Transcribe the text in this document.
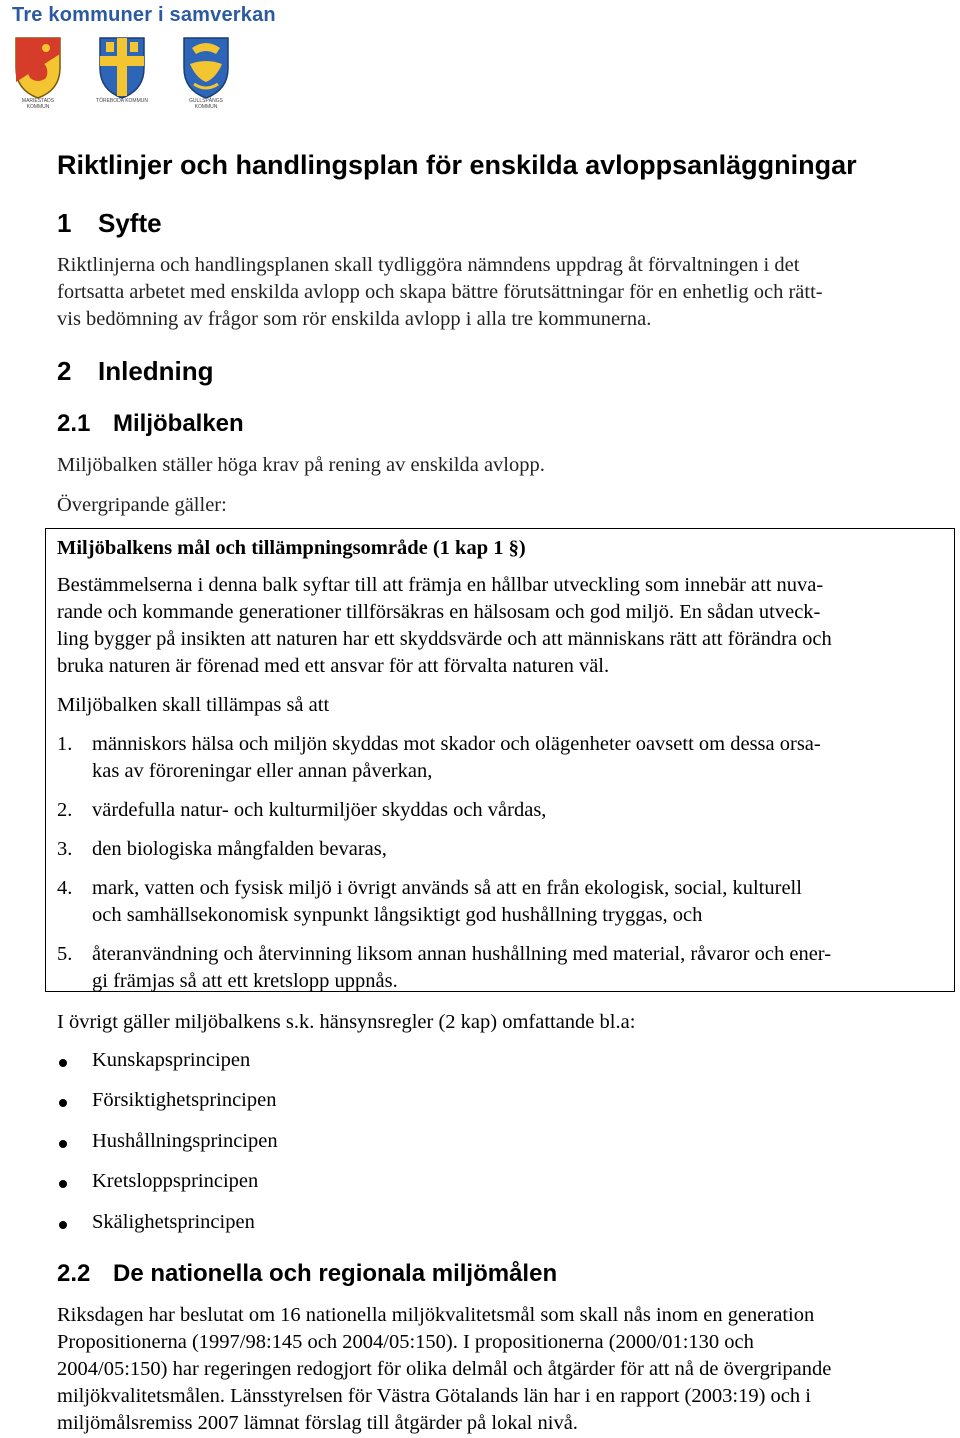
Tre kommuner i samverkan
MARIESTADS KOMMUN
TÖREBODA KOMMUN	GULLSPÅNGS KOMMUN
Riktlinjer och handlingsplan för enskilda avloppsanläggningar
1 Syfte
Riktlinjerna och handlingsplanen skall tydliggöra nämndens uppdrag åt förvaltningen i det
fortsatta arbetet med enskilda avlopp och skapa bättre förutsättningar för en enhetlig och rätt-
vis bedömning av frågor som rör enskilda avlopp i alla tre kommunerna.
2 Inledning
2.1 Miljöbalken
Miljöbalken ställer höga krav på rening av enskilda avlopp.
Övergripande gäller:
Miljöbalkens mål och tillämpningsområde (1 kap 1 §)
Bestämmelserna i denna balk syftar till att främja en hållbar utveckling som innebär att nuva-
rande och kommande generationer tillförsäkras en hälsosam och god miljö. En sådan utveck-
ling bygger på insikten att naturen har ett skyddsvärde och att människans rätt att förändra och
bruka naturen är förenad med ett ansvar för att förvalta naturen väl.
Miljöbalken skall tillämpas så att
1. människors hälsa och miljön skyddas mot skador och olägenheter oavsett om dessa orsa-
kas av föroreningar eller annan påverkan,
2. värdefulla natur- och kulturmiljöer skyddas och vårdas,
3. den biologiska mångfalden bevaras,
4. mark, vatten och fysisk miljö i övrigt används så att en från ekologisk, social, kulturell
och samhällsekonomisk synpunkt långsiktigt god hushållning tryggas, och
5. återanvändning och återvinning liksom annan hushållning med material, råvaror och ener-
gi främjas så att ett kretslopp uppnås.
I övrigt gäller miljöbalkens s.k. hänsynsregler (2 kap) omfattande bl.a:
Kunskapsprincipen
Försiktighetsprincipen
Hushållningsprincipen
Kretsloppsprincipen
Skälighetsprincipen
2.2 De nationella och regionala miljömålen
Riksdagen har beslutat om 16 nationella miljökvalitetsmål som skall nås inom en generation
Propositionerna (1997/98:145 och 2004/05:150). I propositionerna (2000/01:130 och
2004/05:150) har regeringen redogjort för olika delmål och åtgärder för att nå de övergripande
miljökvalitetsmålen. Länsstyrelsen för Västra Götalands län har i en rapport (2003:19) och i
miljömålsremiss 2007 lämnat förslag till åtgärder på lokal nivå.
